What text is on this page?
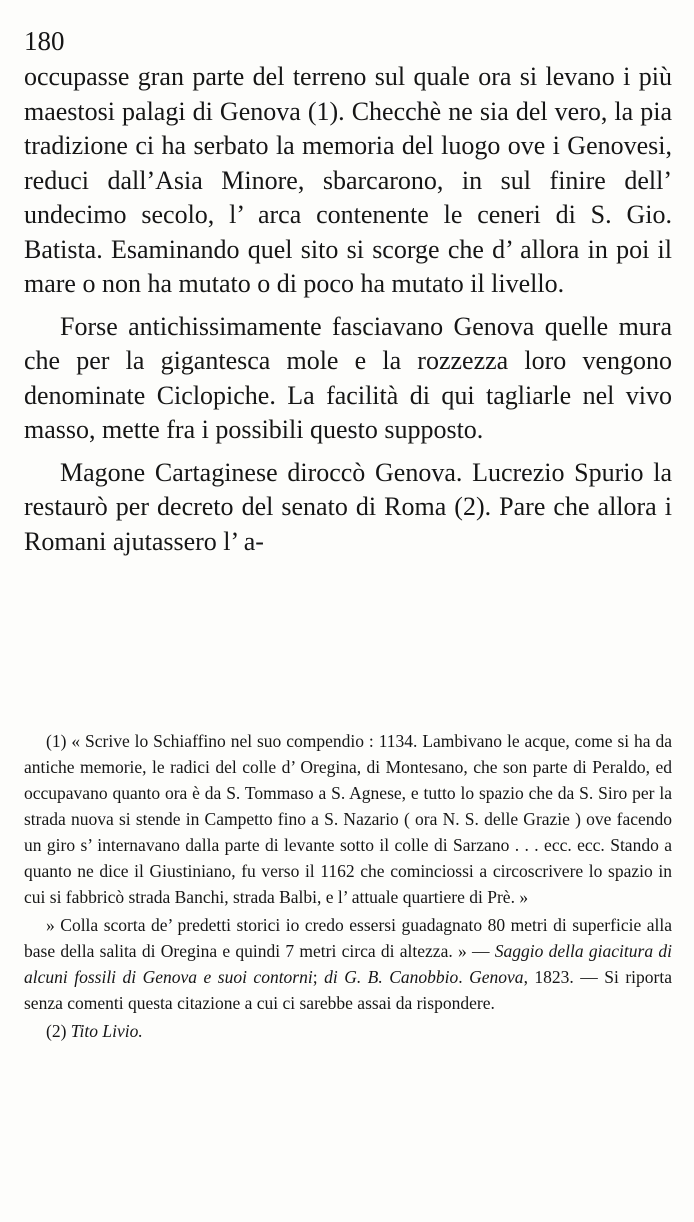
180

occupasse gran parte del terreno sul quale ora si levano i più maestosi palagi di Genova (1). Checchè ne sia del vero, la pia tradizione ci ha serbato la memoria del luogo ove i Genovesi, reduci dall’Asia Minore, sbarcarono, in sul finire dell’ undecimo secolo, l’ arca contenente le ceneri di S. Gio. Batista. Esaminando quel sito si scorge che d’ allora in poi il mare o non ha mutato o di poco ha mutato il livello.

Forse antichissimamente fasciavano Genova quelle mura che per la gigantesca mole e la rozzezza loro vengono denominate Ciclopiche. La facilità di qui tagliarle nel vivo masso, mette fra i possibili questo supposto.

Magone Cartaginese diroccò Genova. Lucrezio Spurio la restaurò per decreto del senato di Roma (2). Pare che allora i Romani ajutassero l’ a-

(1) « Scrive lo Schiaffino nel suo compendio : 1134. Lambivano le acque, come si ha da antiche memorie, le radici del colle d’ Oregina, di Montesano, che son parte di Peraldo, ed occupavano quanto ora è da S. Tommaso a S. Agnese, e tutto lo spazio che da S. Siro per la strada nuova si stende in Campetto fino a S. Nazario ( ora N. S. delle Grazie ) ove facendo un giro s’ internavano dalla parte di levante sotto il colle di Sarzano . . . ecc. ecc. Stando a quanto ne dice il Giustiniano, fu verso il 1162 che cominciossi a circoscrivere lo spazio in cui si fabbricò strada Banchi, strada Balbi, e l’ attuale quartiere di Prè. »

» Colla scorta de’ predetti storici io credo essersi guadagnato 80 metri di superficie alla base della salita di Oregina e quindi 7 metri circa di altezza. » — Saggio della giacitura di alcuni fossili di Genova e suoi contorni; di G. B. Canobbio. Genova, 1823. — Si riporta senza comenti questa citazione a cui ci sarebbe assai da rispondere.

(2) Tito Livio.
